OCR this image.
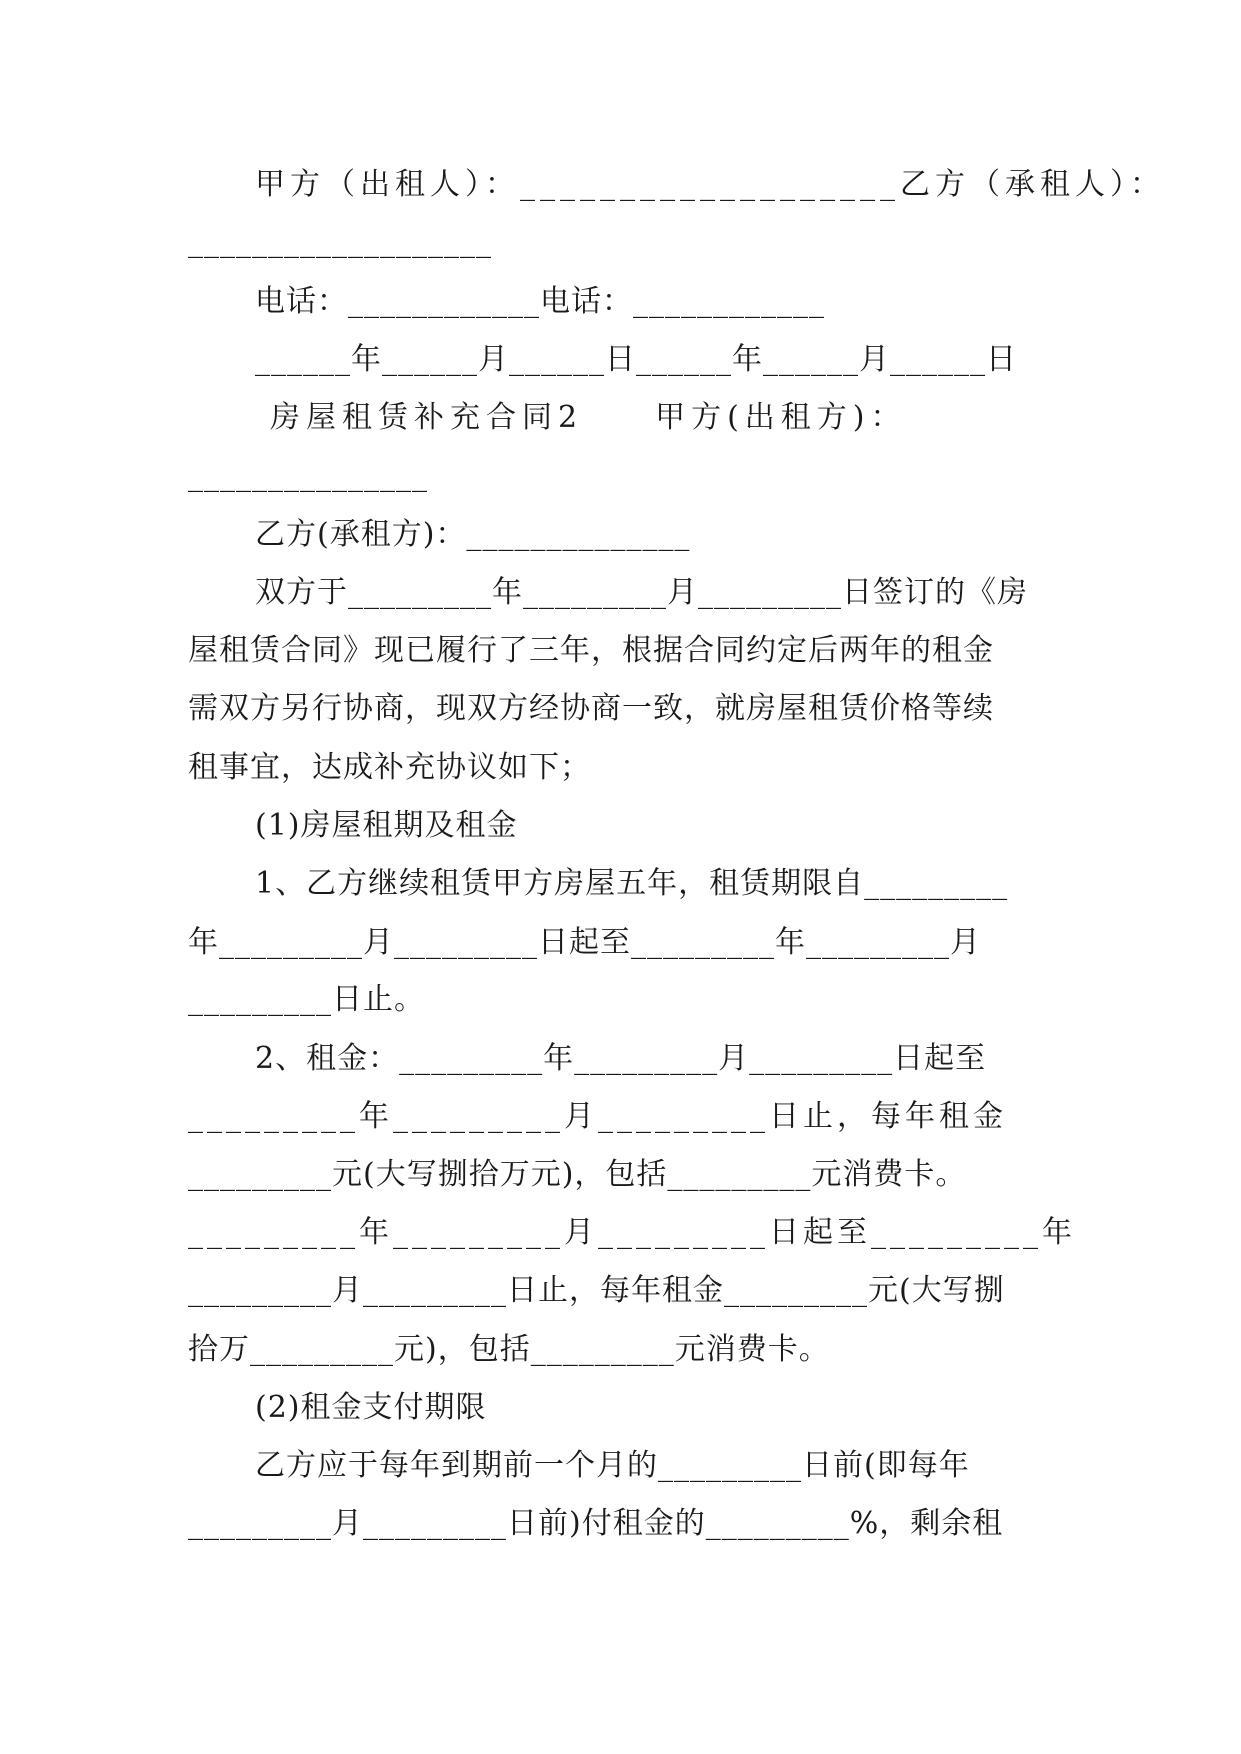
甲方（出租人）：___________________乙方（承租人）：
___________________
电话：____________电话：____________
______年______月______日______年______月______日
房屋租赁补充合同2　　甲方(出租方)：
_______________
乙方(承租方)：______________
双方于_________年_________月_________日签订的《房
屋租赁合同》现已履行了三年，根据合同约定后两年的租金
需双方另行协商，现双方经协商一致，就房屋租赁价格等续
租事宜，达成补充协议如下；
(1)房屋租期及租金
1、乙方继续租赁甲方房屋五年，租赁期限自_________
年_________月_________日起至_________年_________月
_________日止。
2、租金：_________年_________月_________日起至
_________年_________月_________日止，每年租金
_________元(大写捌拾万元)，包括_________元消费卡。
_________年_________月_________日起至_________年
_________月_________日止，每年租金_________元(大写捌
拾万_________元)，包括_________元消费卡。
(2)租金支付期限
乙方应于每年到期前一个月的_________日前(即每年
_________月_________日前)付租金的_________%，剩余租
